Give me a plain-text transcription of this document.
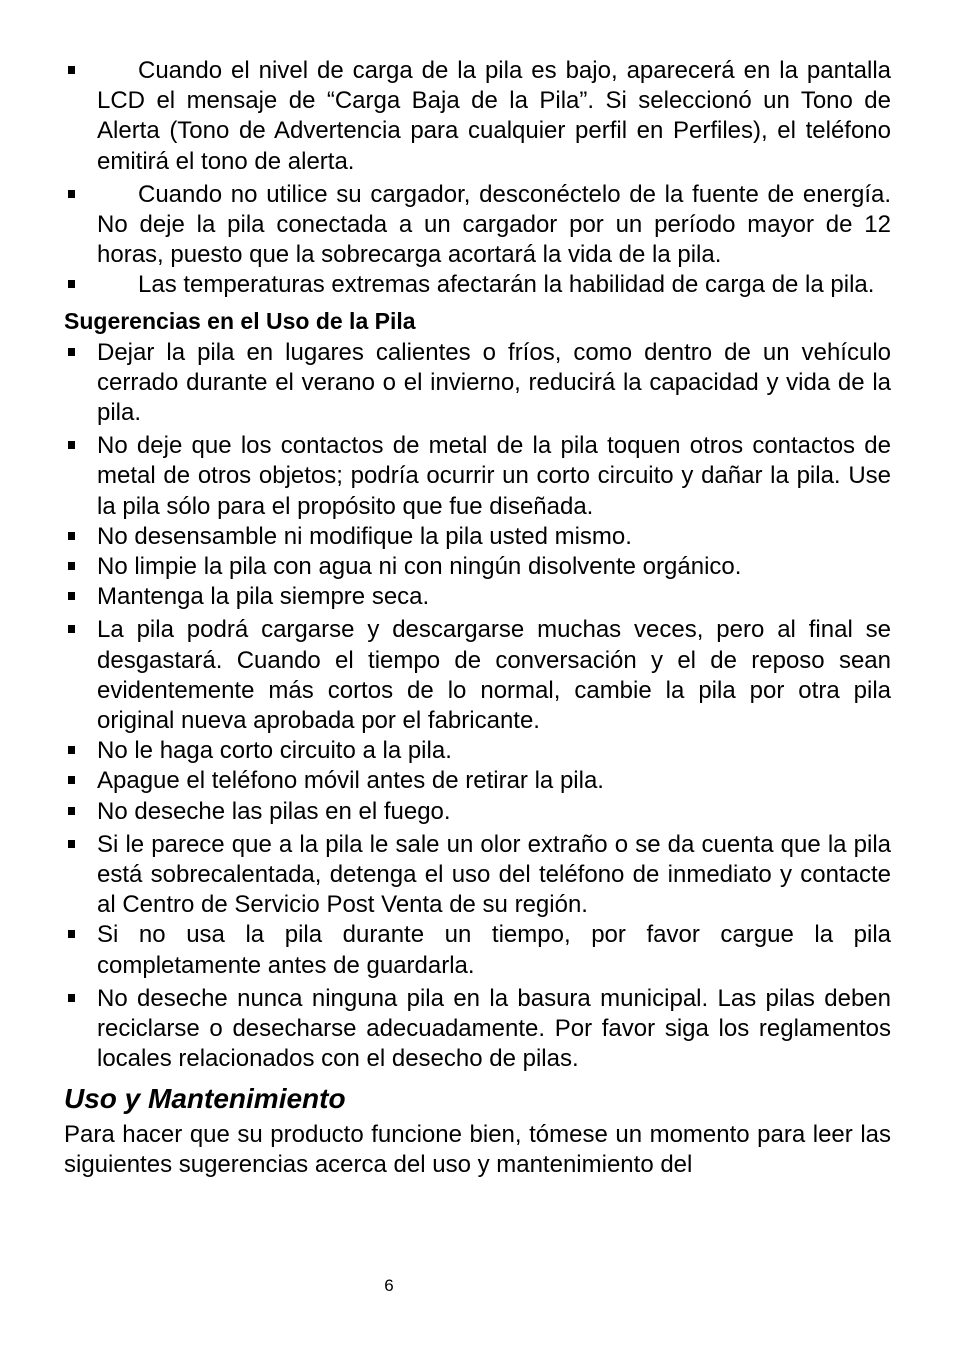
Cuando el nivel de carga de la pila es bajo, aparecerá en la pantalla LCD el mensaje de “Carga Baja de la Pila”. Si seleccionó un Tono de Alerta (Tono de Advertencia para cualquier perfil en Perfiles), el teléfono emitirá el tono de alerta.
Cuando no utilice su cargador, desconéctelo de la fuente de energía. No deje la pila conectada a un cargador por un período mayor de 12 horas, puesto que la sobrecarga acortará la vida de la pila.
Las temperaturas extremas afectarán la habilidad de carga de la pila.
Sugerencias en el Uso de la Pila
Dejar la pila en lugares calientes o fríos, como dentro de un vehículo cerrado durante el verano o el invierno, reducirá la capacidad y vida de la pila.
No deje que los contactos de metal de la pila toquen otros contactos de metal de otros objetos; podría ocurrir un corto circuito y dañar la pila. Use la pila sólo para el propósito que fue diseñada.
No desensamble ni modifique la pila usted mismo.
No limpie la pila con agua ni con ningún disolvente orgánico.
Mantenga la pila siempre seca.
La pila podrá cargarse y descargarse muchas veces, pero al final se desgastará. Cuando el tiempo de conversación y el de reposo sean evidentemente más cortos de lo normal, cambie la pila por otra pila original nueva aprobada por el fabricante.
No le haga corto circuito a la pila.
Apague el teléfono móvil antes de retirar la pila.
No deseche las pilas en el fuego.
Si le parece que a la pila le sale un olor extraño o se da cuenta que la pila está sobrecalentada, detenga el uso del teléfono de inmediato y contacte al Centro de Servicio Post Venta de su región.
Si no usa la pila durante un tiempo, por favor cargue la pila completamente antes de guardarla.
No deseche nunca ninguna pila en la basura municipal. Las pilas deben reciclarse o desecharse adecuadamente. Por favor siga los reglamentos locales relacionados con el desecho de pilas.
Uso y Mantenimiento
Para hacer que su producto funcione bien, tómese un momento para leer las siguientes sugerencias acerca del uso y mantenimiento del
6
